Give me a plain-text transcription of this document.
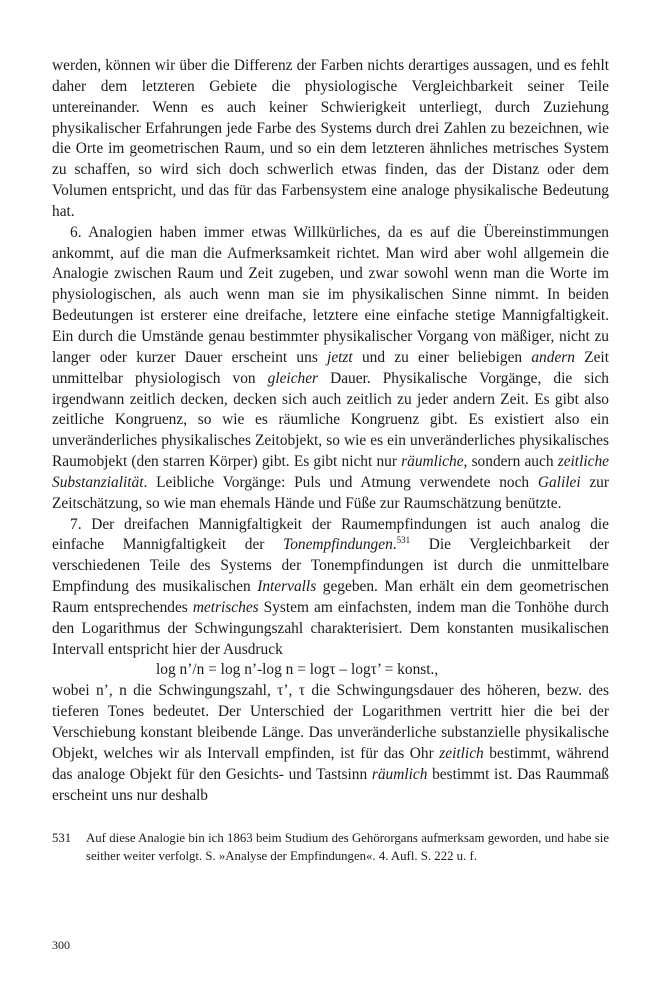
werden, können wir über die Differenz der Farben nichts derartiges aussagen, und es fehlt daher dem letzteren Gebiete die physiologische Vergleichbarkeit seiner Teile untereinander. Wenn es auch keiner Schwierigkeit unterliegt, durch Zuziehung physikalischer Erfahrungen jede Farbe des Systems durch drei Zahlen zu bezeichnen, wie die Orte im geometrischen Raum, und so ein dem letzteren ähnliches metrisches System zu schaffen, so wird sich doch schwerlich etwas finden, das der Distanz oder dem Volumen entspricht, und das für das Farbensystem eine analoge physikalische Bedeutung hat.

6. Analogien haben immer etwas Willkürliches, da es auf die Übereinstimmungen ankommt, auf die man die Aufmerksamkeit richtet. Man wird aber wohl allgemein die Analogie zwischen Raum und Zeit zugeben, und zwar sowohl wenn man die Worte im physiologischen, als auch wenn man sie im physikalischen Sinne nimmt. In beiden Bedeutungen ist ersterer eine dreifache, letztere eine einfache stetige Mannigfaltigkeit. Ein durch die Umstände genau bestimmter physikalischer Vorgang von mäßiger, nicht zu langer oder kurzer Dauer erscheint uns jetzt und zu einer beliebigen andern Zeit unmittelbar physiologisch von gleicher Dauer. Physikalische Vorgänge, die sich irgendwann zeitlich decken, decken sich auch zeitlich zu jeder andern Zeit. Es gibt also zeitliche Kongruenz, so wie es räumliche Kongruenz gibt. Es existiert also ein unveränderliches physikalisches Zeitobjekt, so wie es ein unveränderliches physikalisches Raumobjekt (den starren Körper) gibt. Es gibt nicht nur räumliche, sondern auch zeitliche Substanzialität. Leibliche Vorgänge: Puls und Atmung verwendete noch Galilei zur Zeitschätzung, so wie man ehemals Hände und Füße zur Raumschätzung benützte.

7. Der dreifachen Mannigfaltigkeit der Raumempfindungen ist auch analog die einfache Mannigfaltigkeit der Tonempfindungen.$^{531}$ Die Vergleichbarkeit der verschiedenen Teile des Systems der Tonempfindungen ist durch die unmittelbare Empfindung des musikalischen Intervalls gegeben. Man erhält ein dem geometrischen Raum entsprechendes metrisches System am einfachsten, indem man die Tonhöhe durch den Logarithmus der Schwingungszahl charakterisiert. Dem konstanten musikalischen Intervall entspricht hier der Ausdruck

log n’/n = log n’-log n = logτ – logτ’ = konst.,

wobei n’, n die Schwingungszahl, τ’, τ die Schwingungsdauer des höheren, bezw. des tieferen Tones bedeutet. Der Unterschied der Logarithmen vertritt hier die bei der Verschiebung konstant bleibende Länge. Das unveränderliche substanzielle physikalische Objekt, welches wir als Intervall empfinden, ist für das Ohr zeitlich bestimmt, während das analoge Objekt für den Gesichts- und Tastsinn räumlich bestimmt ist. Das Raummaß erscheint uns nur deshalb

531	Auf diese Analogie bin ich 1863 beim Studium des Gehörorgans aufmerksam geworden, und habe sie seither weiter verfolgt. S. »Analyse der Empfindungen«. 4. Aufl. S. 222 u. f.
300
